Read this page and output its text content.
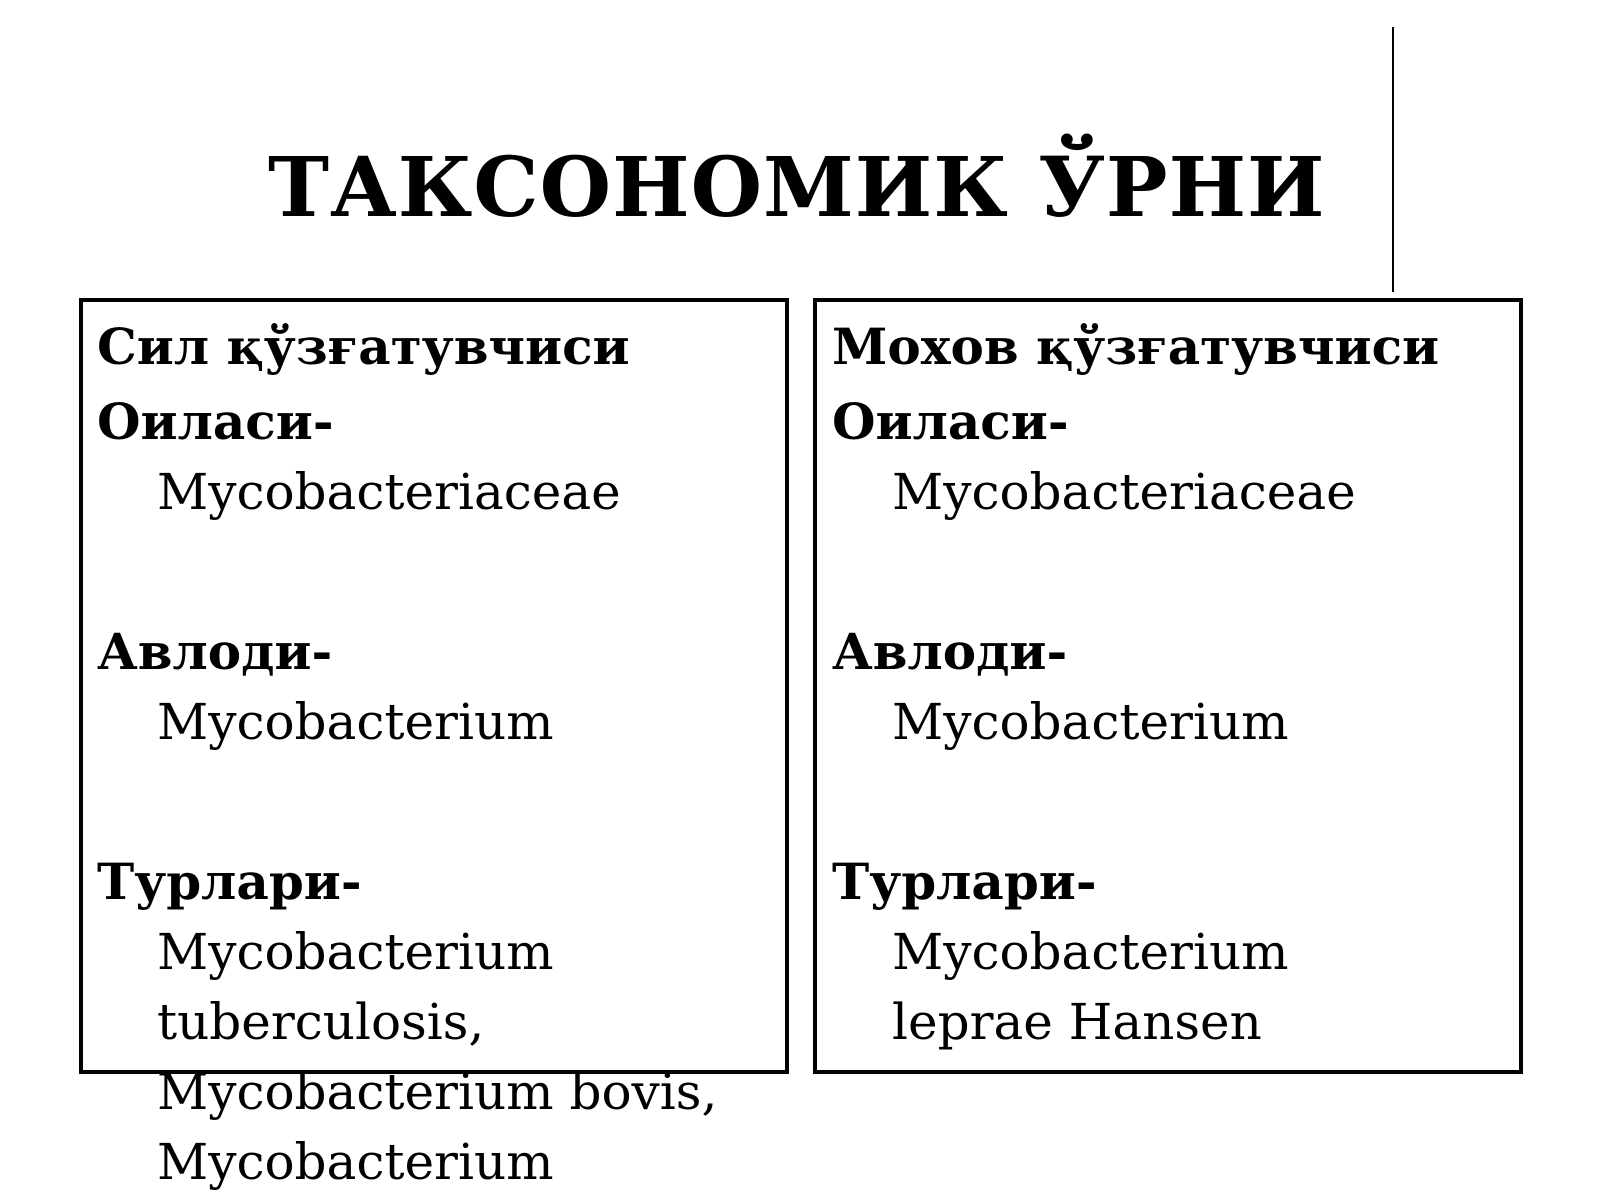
ТАКСОНОМИК ЎРНИ
Сил қўзғатувчиси
Оиласи-
Mycobacteriaceae
Авлоди-
Mycobacterium
Турлари-
Mycobacterium
tuberculosis,
Mycobacterium bovis,
Mycobacterium
Мохов қўзғатувчиси
Оиласи-
Mycobacteriaceae
Авлоди-
Mycobacterium
Турлари-
Mycobacterium
leprae Hansen
